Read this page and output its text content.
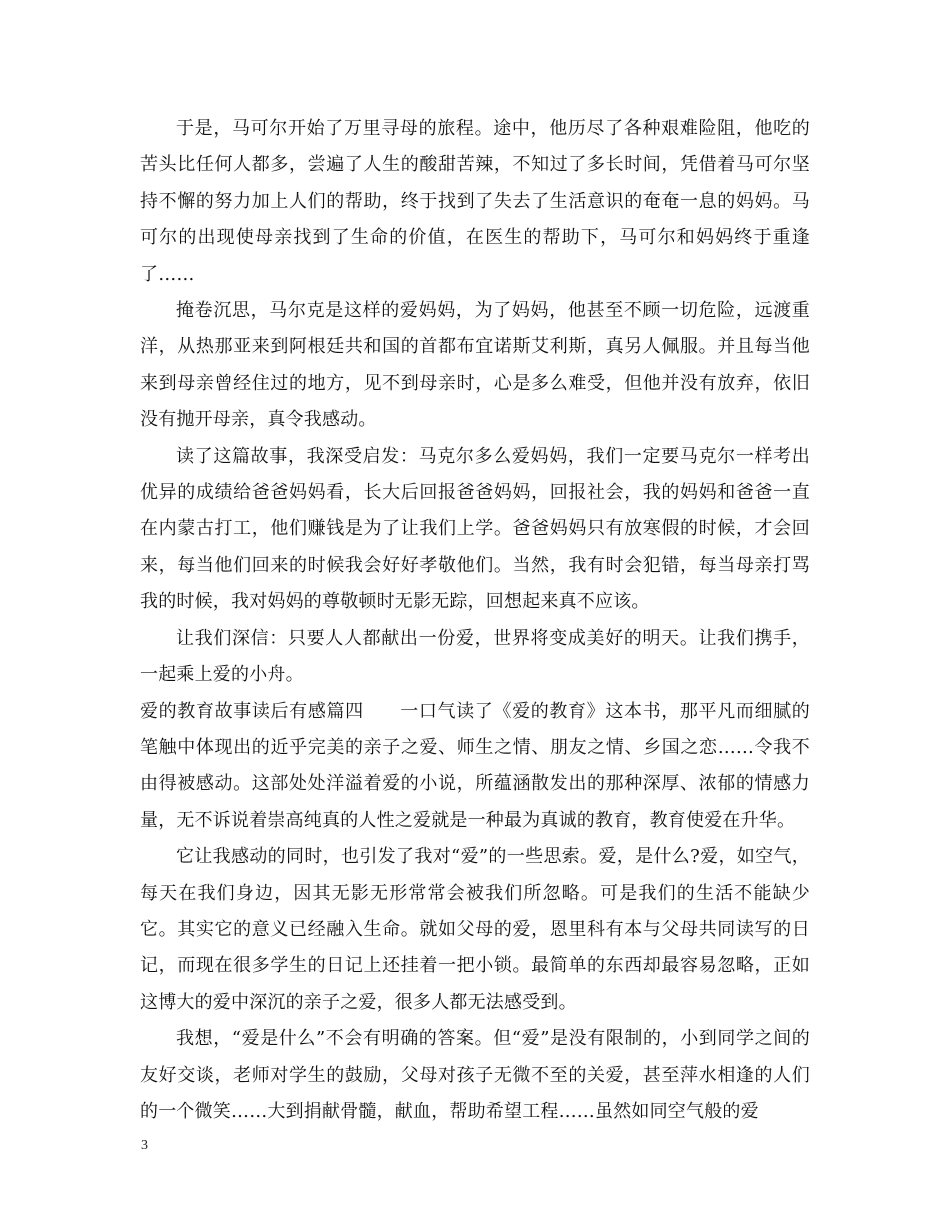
于是，马可尔开始了万里寻母的旅程。途中，他历尽了各种艰难险阻，他吃的苦头比任何人都多，尝遍了人生的酸甜苦辣，不知过了多长时间，凭借着马可尔坚持不懈的努力加上人们的帮助，终于找到了失去了生活意识的奄奄一息的妈妈。马可尔的出现使母亲找到了生命的价值，在医生的帮助下，马可尔和妈妈终于重逢了……

掩卷沉思，马尔克是这样的爱妈妈，为了妈妈，他甚至不顾一切危险，远渡重洋，从热那亚来到阿根廷共和国的首都布宜诺斯艾利斯，真另人佩服。并且每当他来到母亲曾经住过的地方，见不到母亲时，心是多么难受，但他并没有放弃，依旧没有抛开母亲，真令我感动。

读了这篇故事，我深受启发：马克尔多么爱妈妈，我们一定要马克尔一样考出优异的成绩给爸爸妈妈看，长大后回报爸爸妈妈，回报社会，我的妈妈和爸爸一直在内蒙古打工，他们赚钱是为了让我们上学。爸爸妈妈只有放寒假的时候，才会回来，每当他们回来的时候我会好好孝敬他们。当然，我有时会犯错，每当母亲打骂我的时候，我对妈妈的尊敬顿时无影无踪，回想起来真不应该。

让我们深信：只要人人都献出一份爱，世界将变成美好的明天。让我们携手，一起乘上爱的小舟。

爱的教育故事读后有感篇四 一口气读了《爱的教育》这本书，那平凡而细腻的笔触中体现出的近乎完美的亲子之爱、师生之情、朋友之情、乡国之恋……令我不由得被感动。这部处处洋溢着爱的小说，所蕴涵散发出的那种深厚、浓郁的情感力量，无不诉说着崇高纯真的人性之爱就是一种最为真诚的教育，教育使爱在升华。

它让我感动的同时，也引发了我对“爱”的一些思索。爱，是什么?爱，如空气，每天在我们身边，因其无影无形常常会被我们所忽略。可是我们的生活不能缺少它。其实它的意义已经融入生命。就如父母的爱，恩里科有本与父母共同读写的日记，而现在很多学生的日记上还挂着一把小锁。最简单的东西却最容易忽略，正如这博大的爱中深沉的亲子之爱，很多人都无法感受到。

我想，“爱是什么”不会有明确的答案。但“爱”是没有限制的，小到同学之间的友好交谈，老师对学生的鼓励，父母对孩子无微不至的关爱，甚至萍水相逢的人们的一个微笑……大到捐献骨髓，献血，帮助希望工程……虽然如同空气般的爱

3
